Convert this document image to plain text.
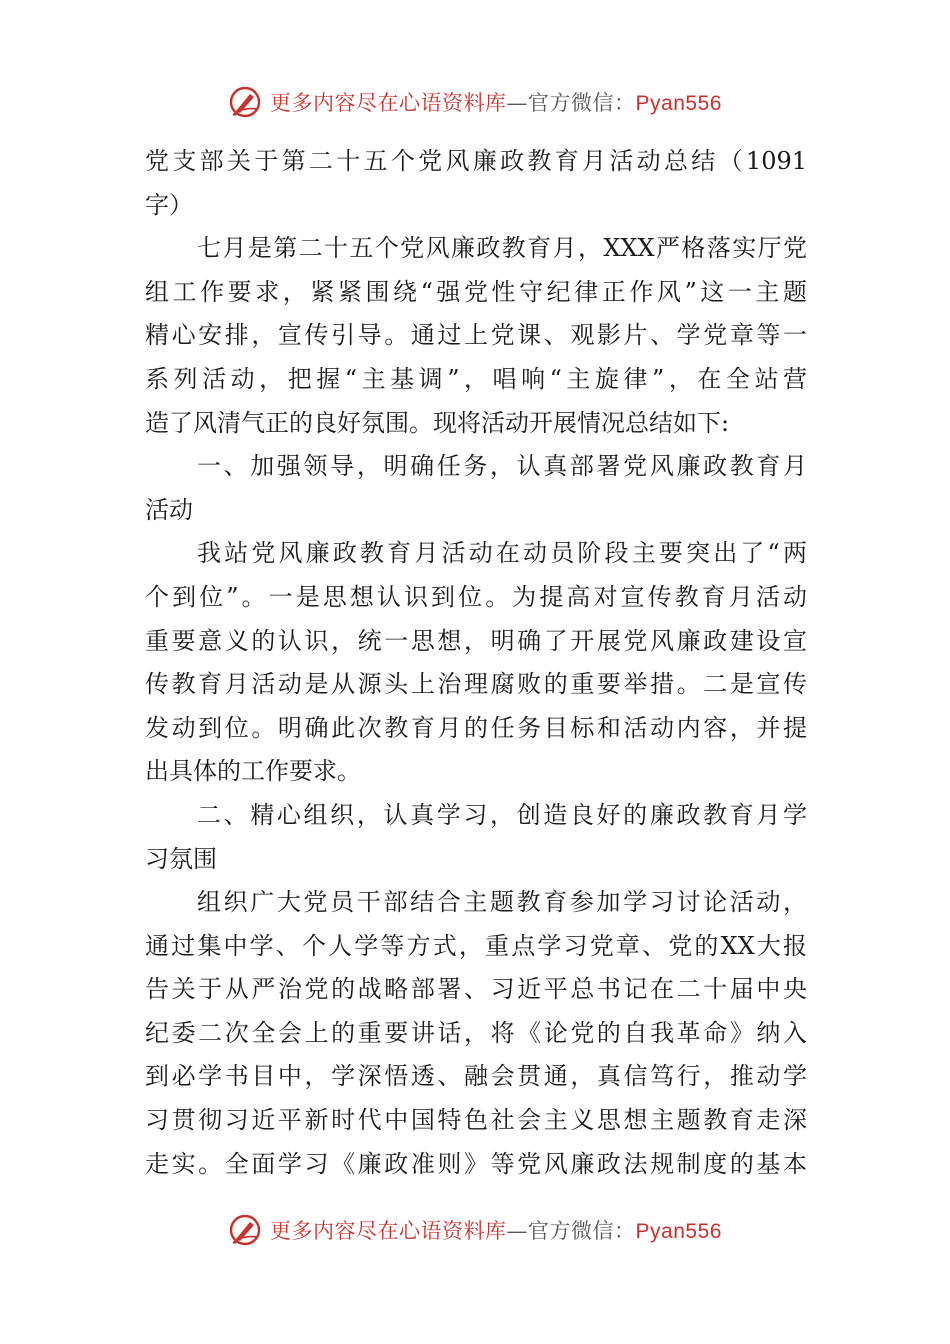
更多内容尽在心语资料库—官方微信：Pyan556
党支部关于第二十五个党风廉政教育月活动总结（1091
字）
七月是第二十五个党风廉政教育月，XXX严格落实厅党
组工作要求，紧紧围绕“强党性守纪律正作风”这一主题
精心安排，宣传引导。通过上党课、观影片、学党章等一
系列活动，把握“主基调”，唱响“主旋律”，在全站营
造了风清气正的良好氛围。现将活动开展情况总结如下:
一、加强领导，明确任务，认真部署党风廉政教育月
活动
我站党风廉政教育月活动在动员阶段主要突出了“两
个到位”。一是思想认识到位。为提高对宣传教育月活动
重要意义的认识，统一思想，明确了开展党风廉政建设宣
传教育月活动是从源头上治理腐败的重要举措。二是宣传
发动到位。明确此次教育月的任务目标和活动内容，并提
出具体的工作要求。
二、精心组织，认真学习，创造良好的廉政教育月学
习氛围
组织广大党员干部结合主题教育参加学习讨论活动，
通过集中学、个人学等方式，重点学习党章、党的XX大报
告关于从严治党的战略部署、习近平总书记在二十届中央
纪委二次全会上的重要讲话，将《论党的自我革命》纳入
到必学书目中，学深悟透、融会贯通，真信笃行，推动学
习贯彻习近平新时代中国特色社会主义思想主题教育走深
走实。全面学习《廉政准则》等党风廉政法规制度的基本
更多内容尽在心语资料库—官方微信：Pyan556
